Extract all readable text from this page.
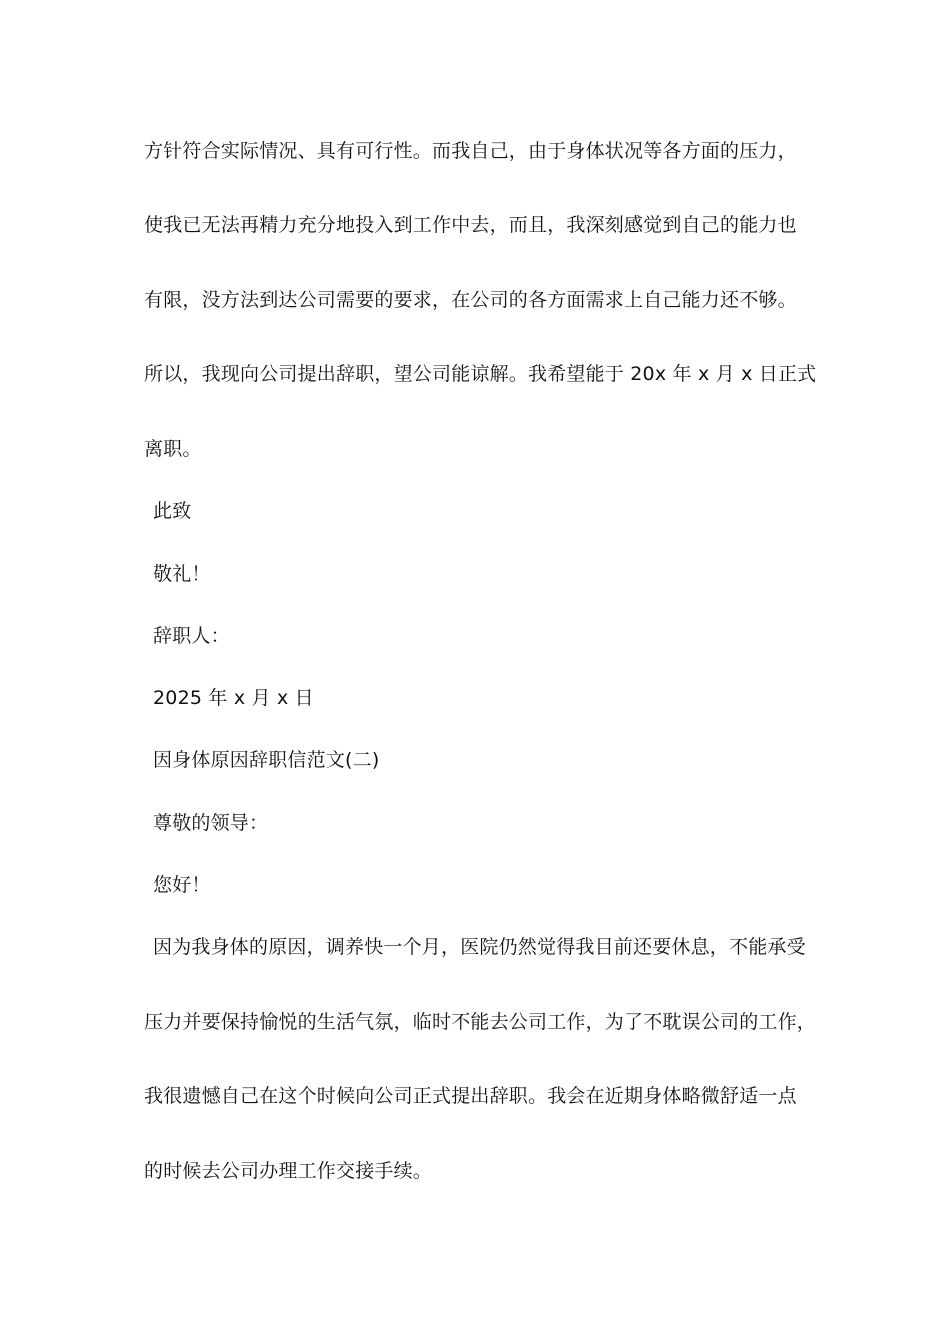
方针符合实际情况、具有可行性。而我自己，由于身体状况等各方面的压力，
使我已无法再精力充分地投入到工作中去，而且，我深刻感觉到自己的能力也
有限，没方法到达公司需要的要求，在公司的各方面需求上自己能力还不够。
所以，我现向公司提出辞职，望公司能谅解。我希望能于 20x 年 x 月 x 日正式
离职。
此致
敬礼！
辞职人：
2025 年 x 月 x 日
因身体原因辞职信范文(二)
尊敬的领导：
您好！
因为我身体的原因，调养快一个月，医院仍然觉得我目前还要休息，不能承受
压力并要保持愉悦的生活气氛，临时不能去公司工作，为了不耽误公司的工作，
我很遗憾自己在这个时候向公司正式提出辞职。我会在近期身体略微舒适一点
的时候去公司办理工作交接手续。
